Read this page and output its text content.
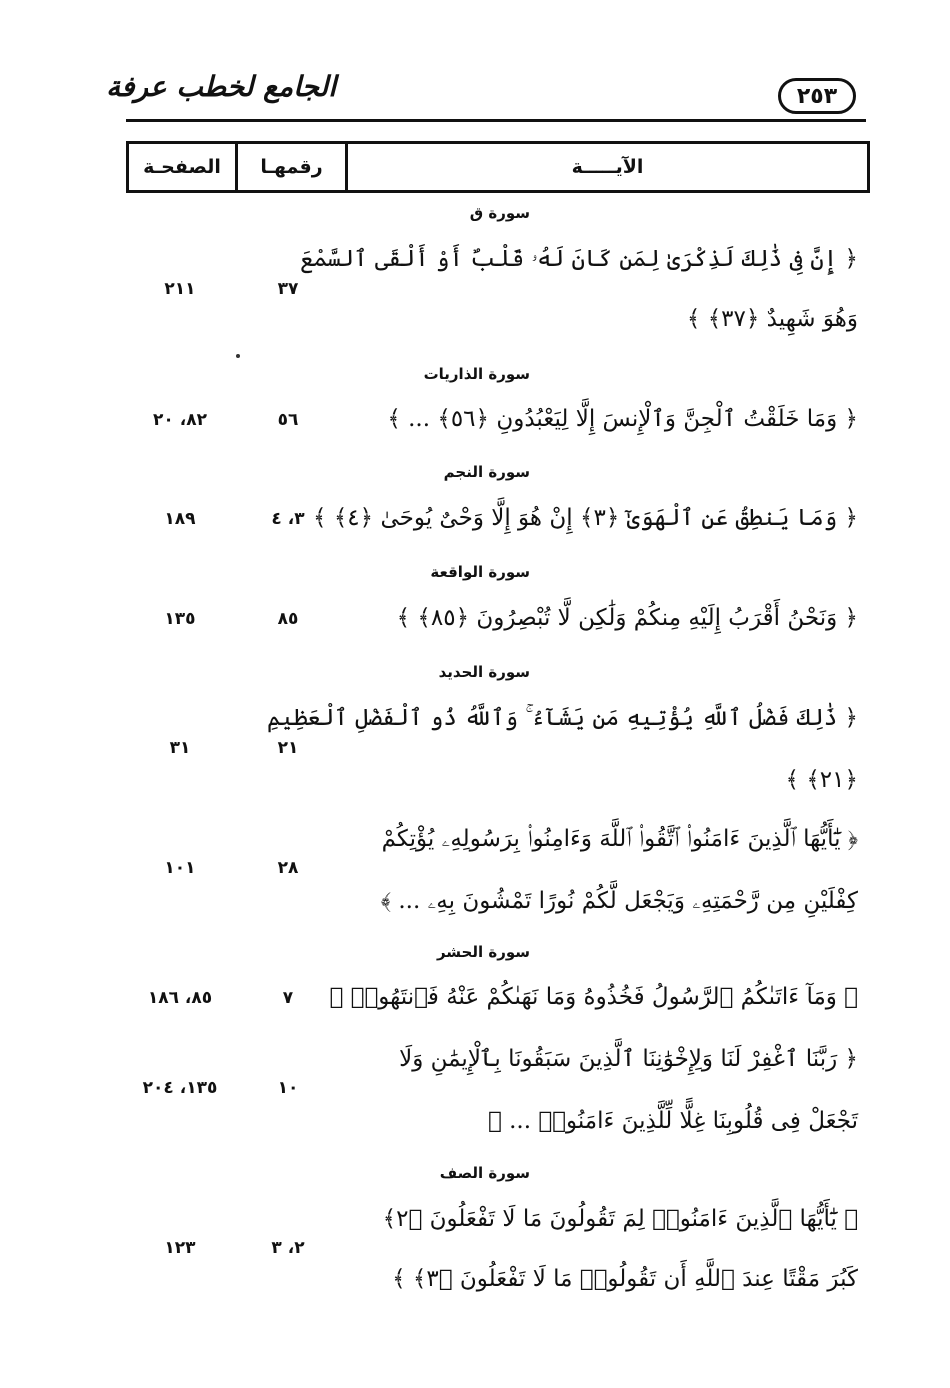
الجامع لخطب عرفة	٢٥٣
الآيـــــة
رقمهـا
الصفحـة
سورة ق
﴿ إِنَّ فِى ذَٰلِكَ لَذِكْرَىٰ لِمَن كَانَ لَهُۥ قَلْبٌ أَوْ أَلْقَى ٱلسَّمْعَ
وَهُوَ شَهِيدٌ ﴿٣٧﴾ ﴾
٣٧
٢١١
سورة الذاريات
﴿ وَمَا خَلَقْتُ ٱلْجِنَّ وَٱلْإِنسَ إِلَّا لِيَعْبُدُونِ ﴿٥٦﴾ ... ﴾
٥٦
٨٢، ٢٠
سورة النجم
﴿ وَمَا يَنطِقُ عَنِ ٱلْهَوَىٰٓ ﴿٣﴾ إِنْ هُوَ إِلَّا وَحْىٌ يُوحَىٰ ﴿٤﴾ ﴾
٣، ٤
١٨٩
سورة الواقعة
﴿ وَنَحْنُ أَقْرَبُ إِلَيْهِ مِنكُمْ وَلَٰكِن لَّا تُبْصِرُونَ ﴿٨٥﴾ ﴾
٨٥
١٣٥
سورة الحديد
﴿ ذَٰلِكَ فَضْلُ ٱللَّهِ يُؤْتِيهِ مَن يَشَآءُ ۚ وَٱللَّهُ ذُو ٱلْفَضْلِ ٱلْعَظِيمِ
﴿٢١﴾ ﴾
٢١
٣١
﴿ يَٰٓأَيُّهَا ٱلَّذِينَ ءَامَنُوا۟ ٱتَّقُوا۟ ٱللَّهَ وَءَامِنُوا۟ بِرَسُولِهِۦ يُؤْتِكُمْ
كِفْلَيْنِ مِن رَّحْمَتِهِۦ وَيَجْعَل لَّكُمْ نُورًا تَمْشُونَ بِهِۦ ... ﴾
٢٨
١٠١
سورة الحشر
﴿ وَمَآ ءَاتَىٰكُمُ ٱلرَّسُولُ فَخُذُوهُ وَمَا نَهَىٰكُمْ عَنْهُ فَٱنتَهُوا۟ ﴾
٧
٨٥، ١٨٦
﴿ رَبَّنَا ٱغْفِرْ لَنَا وَلِإِخْوَٰنِنَا ٱلَّذِينَ سَبَقُونَا بِٱلْإِيمَٰنِ وَلَا
تَجْعَلْ فِى قُلُوبِنَا غِلًّا لِّلَّذِينَ ءَامَنُوا۟ ... ﴾
١٠
١٣٥، ٢٠٤
سورة الصف
﴿ يَٰٓأَيُّهَا ٱلَّذِينَ ءَامَنُوا۟ لِمَ تَقُولُونَ مَا لَا تَفْعَلُونَ ﴿٢﴾
كَبُرَ مَقْتًا عِندَ ٱللَّهِ أَن تَقُولُوا۟ مَا لَا تَفْعَلُونَ ﴿٣﴾ ﴾
٢، ٣
١٢٣
